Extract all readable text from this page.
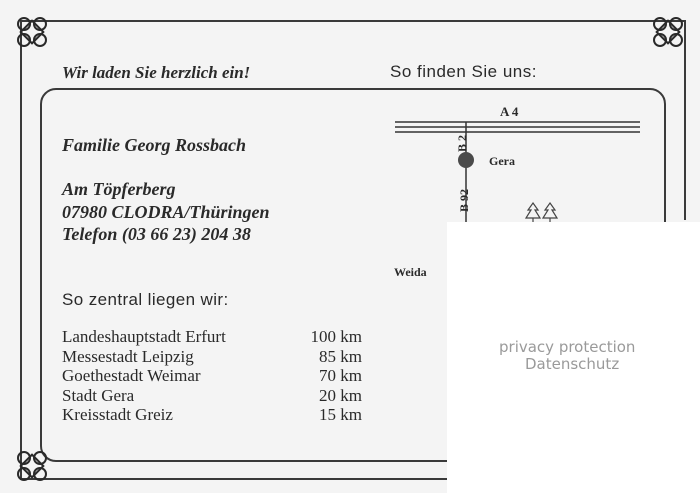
Wir laden Sie herzlich ein!	So finden Sie uns:
Familie Georg Rossbach
Am Töpferberg
07980 CLODRA/Thüringen
Telefon (03 66 23) 204 38
So zentral liegen wir:
Landeshauptstadt Erfurt	100 km
Messestadt Leipzig	85 km
Goethestadt Weimar	70 km
Stadt Gera	20 km
Kreisstadt Greiz	15 km
A 4
B 2
Gera
B 92
Weida
privacy protection
Datenschutz
